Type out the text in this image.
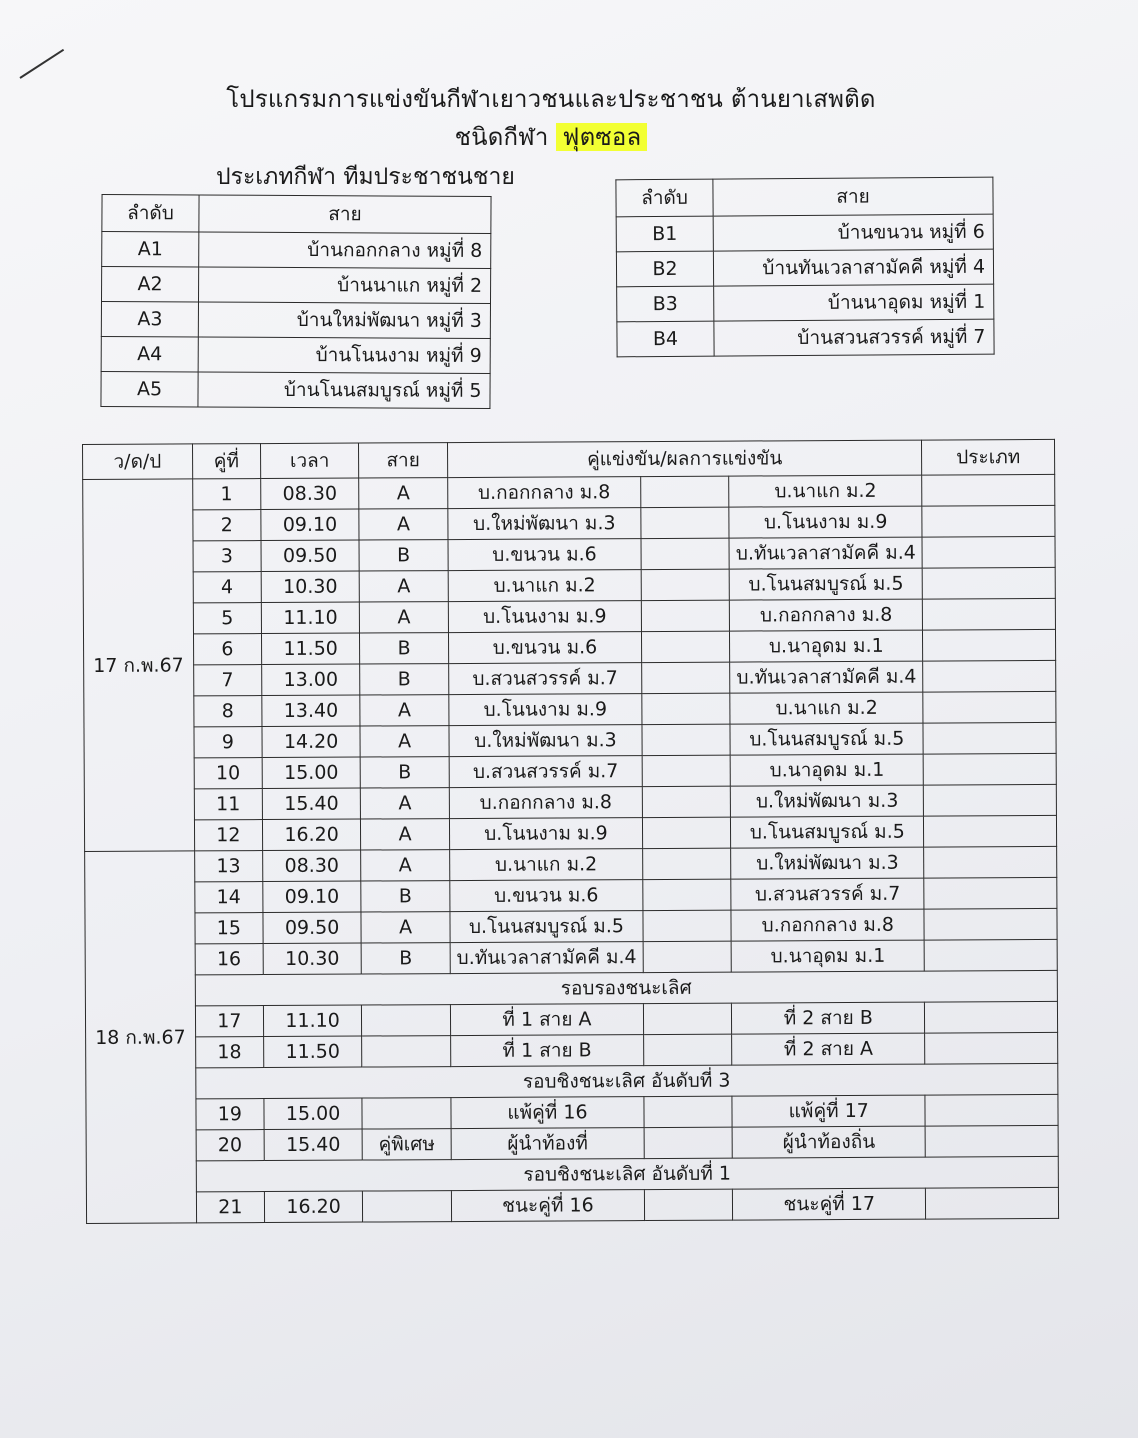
โปรแกรมการแข่งขันกีฬาเยาวชนและประชาชน ต้านยาเสพติด
ชนิดกีฬา ฟุตซอล
ประเภทกีฬา ทีมประชาชนชาย
ลำดับ	สาย
A1	บ้านกอกกลาง หมู่ที่ 8
A2	บ้านนาแก หมู่ที่ 2
A3	บ้านใหม่พัฒนา หมู่ที่ 3
A4	บ้านโนนงาม หมู่ที่ 9
A5	บ้านโนนสมบูรณ์ หมู่ที่ 5
ลำดับ	สาย
B1	บ้านขนวน หมู่ที่ 6
B2	บ้านทันเวลาสามัคคี หมู่ที่ 4
B3	บ้านนาอุดม หมู่ที่ 1
B4	บ้านสวนสวรรค์ หมู่ที่ 7
ว/ด/ป	คู่ที่	เวลา	สาย	คู่แข่งขัน/ผลการแข่งขัน			ประเภท
17 ก.พ.67	1	08.30	A	บ.กอกกลาง ม.8		บ.นาแก ม.2	
	2	09.10	A	บ.ใหม่พัฒนา ม.3		บ.โนนงาม ม.9	
	3	09.50	B	บ.ขนวน ม.6		บ.ทันเวลาสามัคคี ม.4	
	4	10.30	A	บ.นาแก ม.2		บ.โนนสมบูรณ์ ม.5	
	5	11.10	A	บ.โนนงาม ม.9		บ.กอกกลาง ม.8	
	6	11.50	B	บ.ขนวน ม.6		บ.นาอุดม ม.1	
	7	13.00	B	บ.สวนสวรรค์ ม.7		บ.ทันเวลาสามัคคี ม.4	
	8	13.40	A	บ.โนนงาม ม.9		บ.นาแก ม.2	
	9	14.20	A	บ.ใหม่พัฒนา ม.3		บ.โนนสมบูรณ์ ม.5	
	10	15.00	B	บ.สวนสวรรค์ ม.7		บ.นาอุดม ม.1	
	11	15.40	A	บ.กอกกลาง ม.8		บ.ใหม่พัฒนา ม.3	
	12	16.20	A	บ.โนนงาม ม.9		บ.โนนสมบูรณ์ ม.5	
18 ก.พ.67	13	08.30	A	บ.นาแก ม.2		บ.ใหม่พัฒนา ม.3	
	14	09.10	B	บ.ขนวน ม.6		บ.สวนสวรรค์ ม.7	
	15	09.50	A	บ.โนนสมบูรณ์ ม.5		บ.กอกกลาง ม.8	
	16	10.30	B	บ.ทันเวลาสามัคคี ม.4		บ.นาอุดม ม.1	
	รอบรองชนะเลิศ						
	17	11.10		ที่ 1 สาย A		ที่ 2 สาย B	
	18	11.50		ที่ 1 สาย B		ที่ 2 สาย A	
	รอบชิงชนะเลิศ อันดับที่ 3						
	19	15.00		แพ้คู่ที่ 16		แพ้คู่ที่ 17	
	20	15.40	คู่พิเศษ	ผู้นำท้องที่		ผู้นำท้องถิ่น	
	รอบชิงชนะเลิศ อันดับที่ 1						
	21	16.20		ชนะคู่ที่ 16		ชนะคู่ที่ 17	
